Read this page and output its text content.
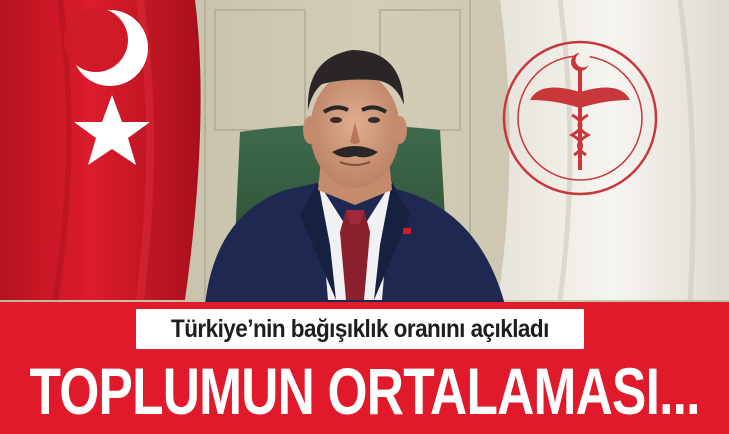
Türkiye’nin bağışıklık oranını açıkladı
TOPLUMUN ORTALAMASI...
